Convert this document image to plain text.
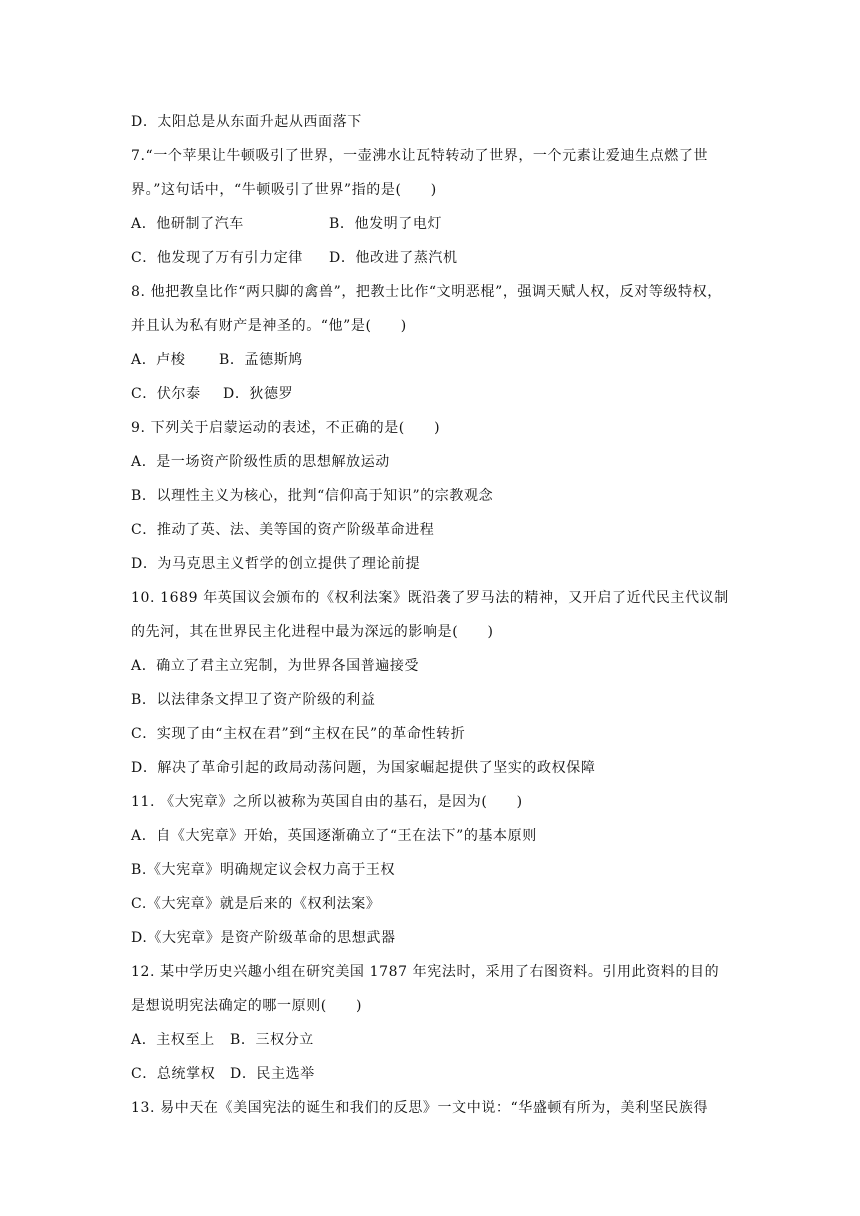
D．太阳总是从东面升起从西面落下
7.“一个苹果让牛顿吸引了世界，一壶沸水让瓦特转动了世界，一个元素让爱迪生点燃了世
界。”这句话中，“牛顿吸引了世界”指的是(　　)
A．他研制了汽车	B．他发明了电灯
C．他发现了万有引力定律 D．他改进了蒸汽机
8. 他把教皇比作“两只脚的禽兽”，把教士比作“文明恶棍”，强调天赋人权，反对等级特权，
并且认为私有财产是神圣的。“他”是(　　)
A．卢梭 B．孟德斯鸠
C．伏尔泰 D．狄德罗
9. 下列关于启蒙运动的表述，不正确的是(　　)
A．是一场资产阶级性质的思想解放运动
B．以理性主义为核心，批判“信仰高于知识”的宗教观念
C．推动了英、法、美等国的资产阶级革命进程
D．为马克思主义哲学的创立提供了理论前提
10. 1689 年英国议会颁布的《权利法案》既沿袭了罗马法的精神，又开启了近代民主代议制
的先河，其在世界民主化进程中最为深远的影响是(　　)
A．确立了君主立宪制，为世界各国普遍接受
B．以法律条文捍卫了资产阶级的利益
C．实现了由“主权在君”到“主权在民”的革命性转折
D．解决了革命引起的政局动荡问题，为国家崛起提供了坚实的政权保障
11. 《大宪章》之所以被称为英国自由的基石，是因为(　　)
A．自《大宪章》开始，英国逐渐确立了“王在法下”的基本原则
B.《大宪章》明确规定议会权力高于王权
C.《大宪章》就是后来的《权利法案》
D.《大宪章》是资产阶级革命的思想武器
12. 某中学历史兴趣小组在研究美国 1787 年宪法时，采用了右图资料。引用此资料的目的
是想说明宪法确定的哪一原则(　　)
A．主权至上 B．三权分立
C．总统掌权 D．民主选举
13. 易中天在《美国宪法的诞生和我们的反思》一文中说：“华盛顿有所为，美利坚民族得
